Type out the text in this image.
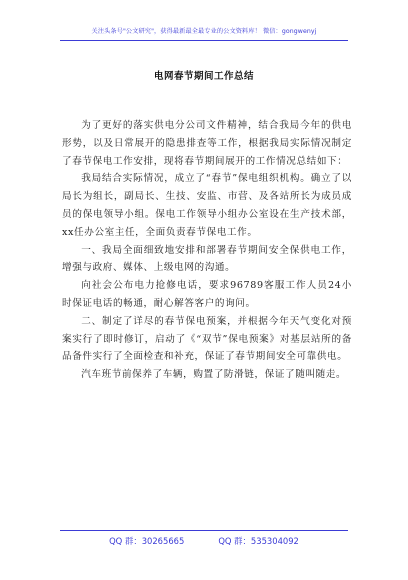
关注头条号"公文研究"，获得最新最全最专业的公文资料库！ 微信：gongwenyj
电网春节期间工作总结

为了更好的落实供电分公司文件精神，结合我局今年的供电形势，以及日常展开的隐患排查等工作，根据我局实际情况制定了春节保电工作安排，现将春节期间展开的工作情况总结如下：

我局结合实际情况，成立了“春节”保电组织机构。确立了以局长为组长，副局长、生技、安监、市营、及各站所长为成员成员的保电领导小组。保电工作领导小组办公室设在生产技术部，xx任办公室主任，全面负责春节保电工作。

一、我局全面细致地安排和部署春节期间安全保供电工作，增强与政府、媒体、上级电网的沟通。

向社会公布电力抢修电话，要求96789客服工作人员24小时保证电话的畅通，耐心解答客户的询问。

二、制定了详尽的春节保电预案，并根据今年天气变化对预案实行了即时修订，启动了《“双节”保电预案》对基层站所的备品备件实行了全面检查和补充，保证了春节期间安全可靠供电。

汽车班节前保养了车辆，购置了防滑链，保证了随叫随走。

QQ 群：30265665	QQ 群：535304092
